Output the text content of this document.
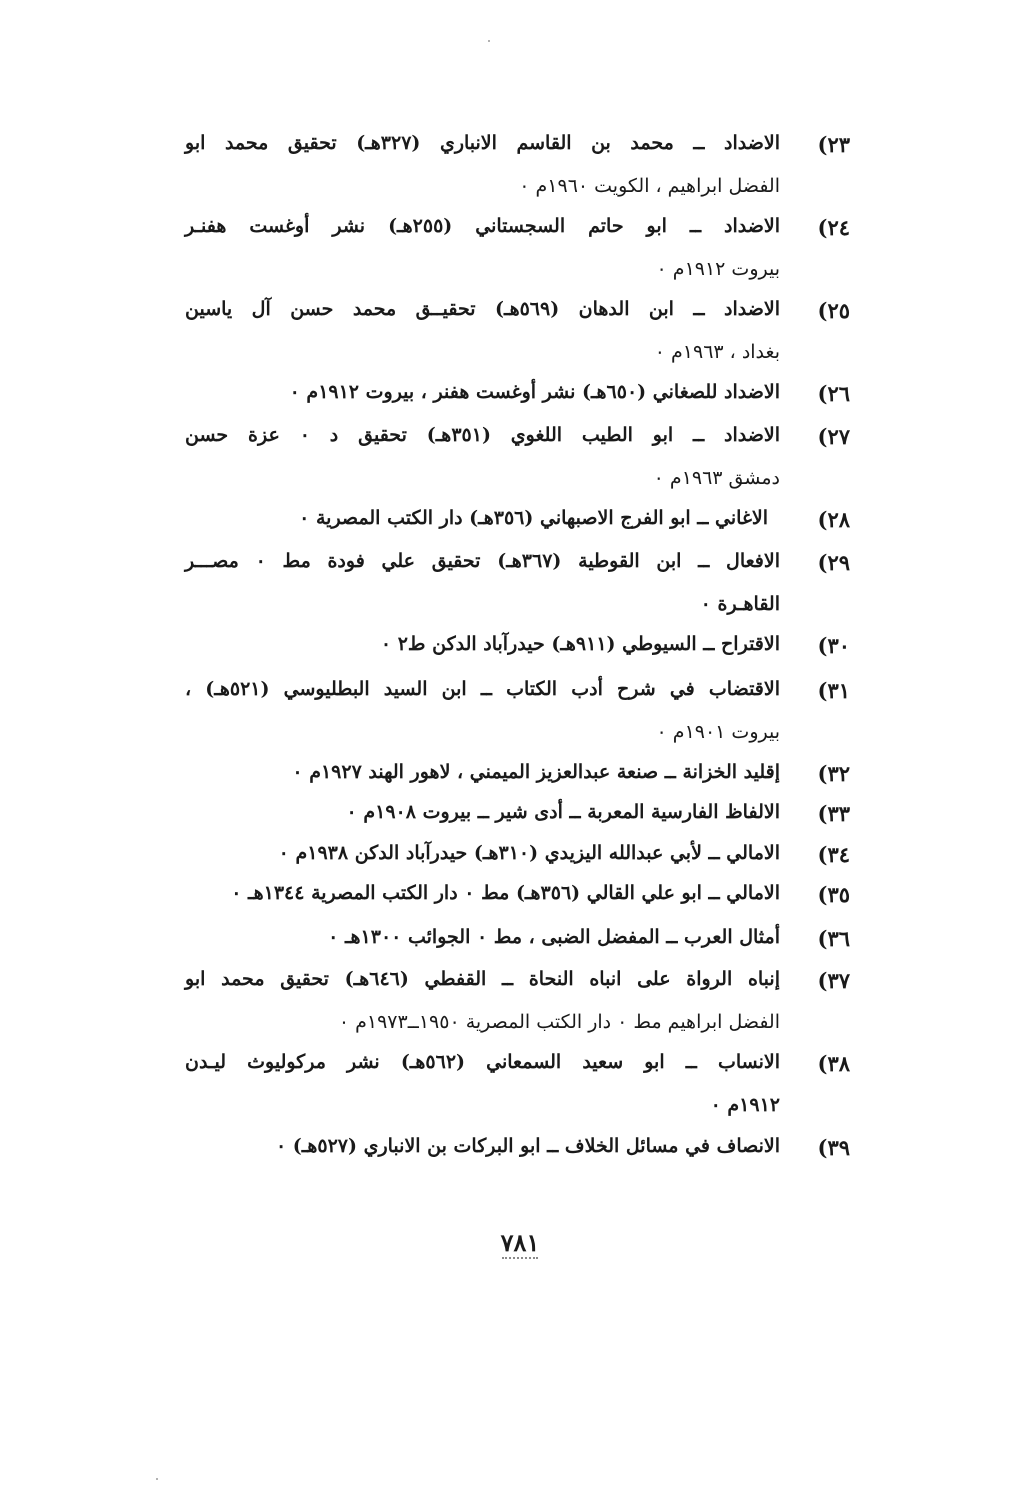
٢٣)
الاضداد ــ محمد بن القاسم الانباري (٣٢٧هـ) تحقيق محمد ابو
الفضل ابراهيم ، الكويت ١٩٦٠م ٠
٢٤)
الاضداد ــ ابو حاتم السجستاني (٢٥٥هـ) نشر أوغست هفنـر
بيروت ١٩١٢م ٠
٢٥)
الاضداد ــ ابن الدهان (٥٦٩هـ) تحقيــق محمد حسن آل ياسين
بغداد ، ١٩٦٣م ٠
٢٦)
الاضداد للصغاني (٦٥٠هـ) نشر أوغست هفنر ، بيروت ١٩١٢م ٠
٢٧)
الاضداد ــ ابو الطيب اللغوي (٣٥١هـ) تحقيق د ٠ عزة حسن
دمشق ١٩٦٣م ٠
٢٨)
الاغاني ــ ابو الفرج الاصبهاني (٣٥٦هـ) دار الكتب المصرية ٠
٢٩)
الافعال ــ ابن القوطية (٣٦٧هـ) تحقيق علي فودة مط ٠ مصـــر
القاهـرة ٠
٣٠)
الاقتراح ــ السيوطي (٩١١هـ) حيدرآباد الدكن ط٢ ٠
٣١)
الاقتضاب في شرح أدب الكتاب ــ ابن السيد البطليوسي (٥٢١هـ) ،
بيروت ١٩٠١م ٠
٣٢)
إقليد الخزانة ــ صنعة عبدالعزيز الميمني ، لاهور الهند ١٩٢٧م ٠
٣٣)
الالفاظ الفارسية المعربة ــ أدى شير ــ بيروت ١٩٠٨م ٠
٣٤)
الامالي ــ لأبي عبدالله اليزيدي (٣١٠هـ) حيدرآباد الدكن ١٩٣٨م ٠
٣٥)
الامالي ــ ابو علي القالي (٣٥٦هـ) مط ٠ دار الكتب المصرية ١٣٤٤هـ ٠
٣٦)
أمثال العرب ــ المفضل الضبى ، مط ٠ الجوائب ١٣٠٠هـ ٠
٣٧)
إنباه الرواة على انباه النحاة ــ القفطي (٦٤٦هـ) تحقيق محمد ابو
الفضل ابراهيم مط ٠ دار الكتب المصرية ١٩٥٠ــ١٩٧٣م ٠
٣٨)
الانساب ــ ابو سعيد السمعاني (٥٦٢هـ) نشر مركوليوث ليـدن
١٩١٢م ٠
٣٩)
الانصاف في مسائل الخلاف ــ ابو البركات بن الانباري (٥٢٧هـ) ٠
٧٨١
